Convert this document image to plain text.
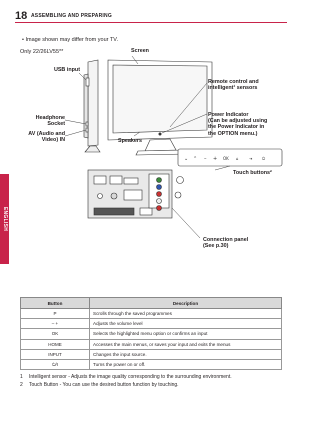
ENGLISH
18 ASSEMBLING AND PREPARING
• Image shown may differ from your TV.
Only 22/26LV55**
⌄ ⌃ – + OK ⌂	⇥ ⏻
Screen
USB input
Remote control and
intelligent¹ sensors
Headphone
Socket
AV (Audio and
Video) IN
Power Indicator
(Can be adjusted using
the Power Indicator in
the OPTION menu.)
Speakers
Touch buttons²
Connection panel
(See p.30)
Button	Description
P	Scrolls through the saved programmes
– +	Adjusts the volume level
OK	Selects the highlighted menu option or confirms an input
HOME	Accesses the main menus, or saves your input and exits the menus
INPUT	Changes the input source.
⏻/I	Turns the power on or off.
1 Intelligent sensor - Adjusts the image quality corresponding to the surrounding environment.
2 Touch Button - You can use the desired button function by touching.
